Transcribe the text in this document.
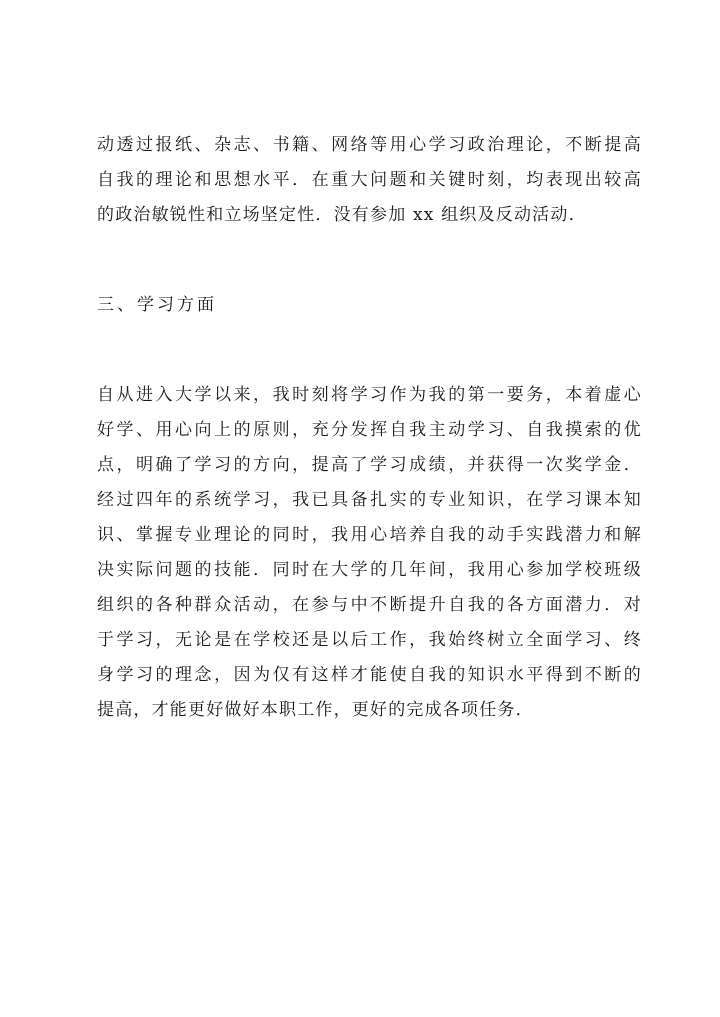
动透过报纸、杂志、书籍、网络等用心学习政治理论，不断提高
自我的理论和思想水平．在重大问题和关键时刻，均表现出较高
的政治敏锐性和立场坚定性．没有参加 xx 组织及反动活动．
三、学习方面
自从进入大学以来，我时刻将学习作为我的第一要务，本着虚心
好学、用心向上的原则，充分发挥自我主动学习、自我摸索的优
点，明确了学习的方向，提高了学习成绩，并获得一次奖学金．
经过四年的系统学习，我已具备扎实的专业知识，在学习课本知
识、掌握专业理论的同时，我用心培养自我的动手实践潜力和解
决实际问题的技能．同时在大学的几年间，我用心参加学校班级
组织的各种群众活动，在参与中不断提升自我的各方面潜力．对
于学习，无论是在学校还是以后工作，我始终树立全面学习、终
身学习的理念，因为仅有这样才能使自我的知识水平得到不断的
提高，才能更好做好本职工作，更好的完成各项任务．
